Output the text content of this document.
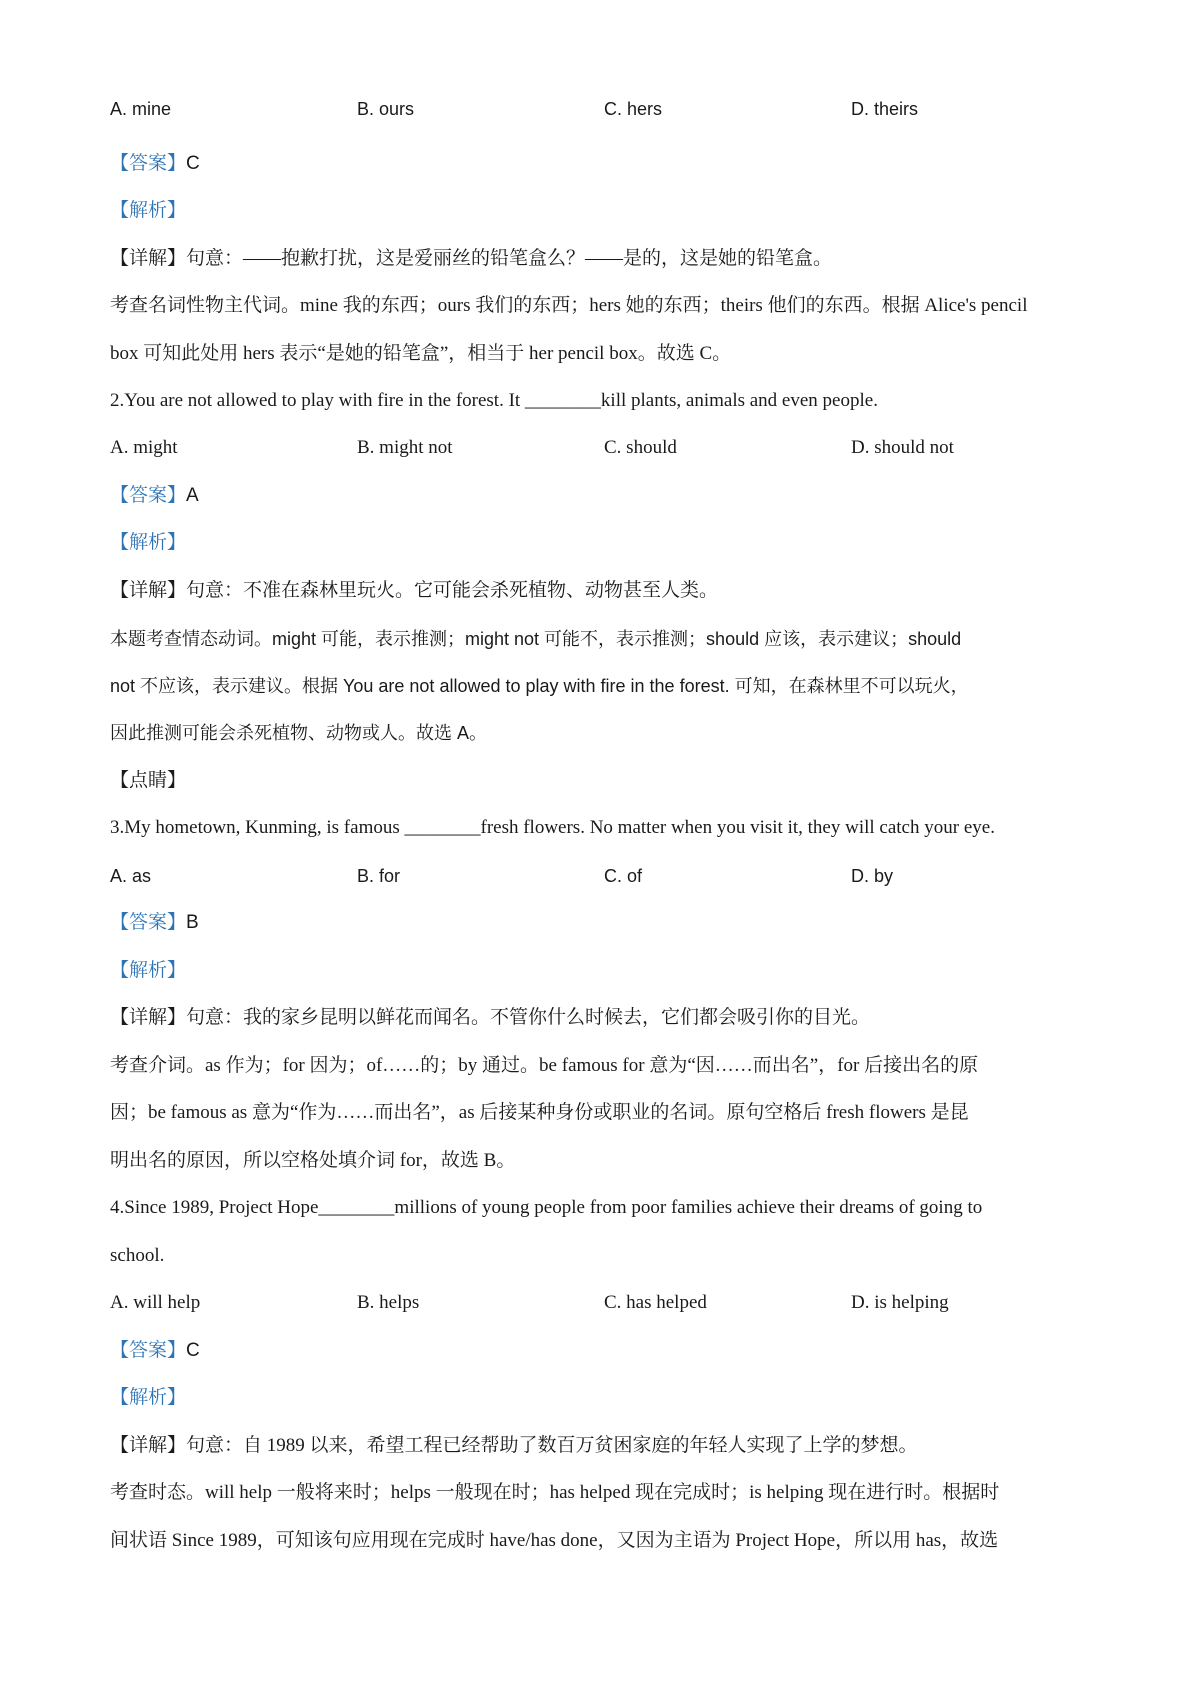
A. mine	B. ours	C. hers	D. theirs
【答案】C
【解析】
【详解】句意：——抱歉打扰，这是爱丽丝的铅笔盒么？——是的，这是她的铅笔盒。
考查名词性物主代词。mine 我的东西；ours 我们的东西；hers 她的东西；theirs 他们的东西。根据 Alice's pencil
box 可知此处用 hers 表示“是她的铅笔盒”，相当于 her pencil box。故选 C。
2.You are not allowed to play with fire in the forest. It ________kill plants, animals and even people.
A. might	B. might not	C. should	D. should not
【答案】A
【解析】
【详解】句意：不准在森林里玩火。它可能会杀死植物、动物甚至人类。
本题考查情态动词。might 可能，表示推测；might not 可能不，表示推测；should 应该，表示建议；should
not 不应该，表示建议。根据 You are not allowed to play with fire in the forest. 可知，在森林里不可以玩火，
因此推测可能会杀死植物、动物或人。故选 A。
【点睛】
3.My hometown, Kunming, is famous ________fresh flowers. No matter when you visit it, they will catch your eye.
A. as	B. for	C. of	D. by
【答案】B
【解析】
【详解】句意：我的家乡昆明以鲜花而闻名。不管你什么时候去，它们都会吸引你的目光。
考查介词。as 作为；for 因为；of……的；by 通过。be famous for 意为“因……而出名”，for 后接出名的原
因；be famous as 意为“作为……而出名”，as 后接某种身份或职业的名词。原句空格后 fresh flowers 是昆
明出名的原因，所以空格处填介词 for，故选 B。
4.Since 1989, Project Hope________millions of young people from poor families achieve their dreams of going to
school.
A. will help	B. helps	C. has helped	D. is helping
【答案】C
【解析】
【详解】句意：自 1989 以来，希望工程已经帮助了数百万贫困家庭的年轻人实现了上学的梦想。
考查时态。will help 一般将来时；helps 一般现在时；has helped 现在完成时；is helping 现在进行时。根据时
间状语 Since 1989，可知该句应用现在完成时 have/has done，又因为主语为 Project Hope，所以用 has，故选
